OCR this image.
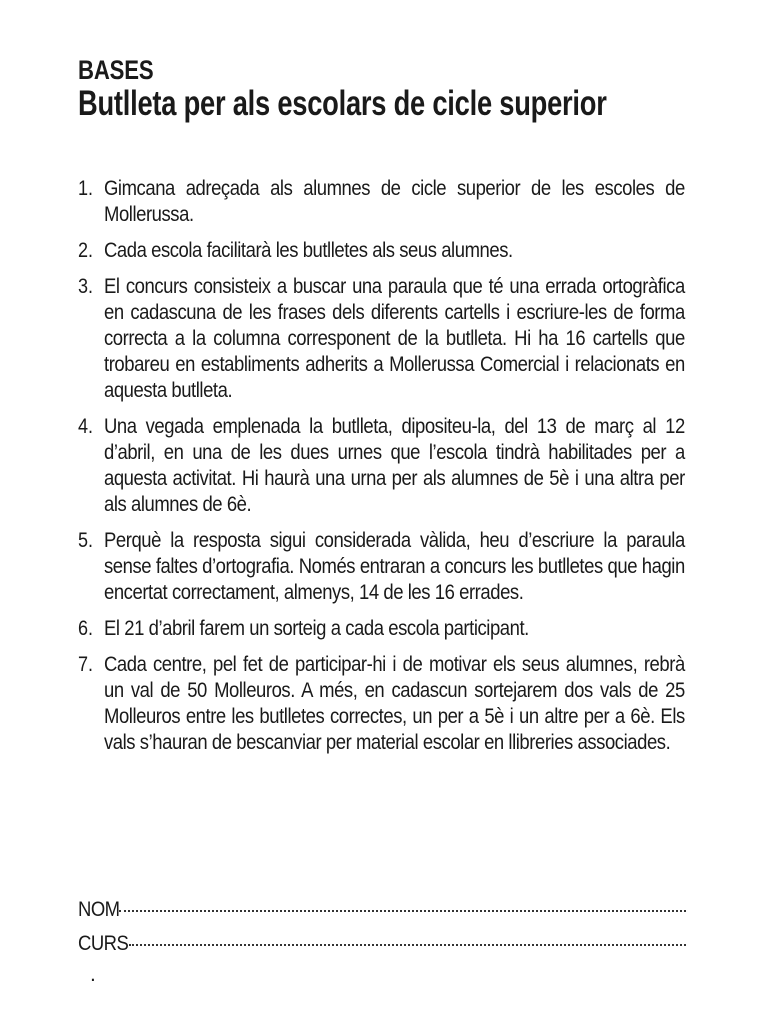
BASES
Butlleta per als escolars de cicle superior
1. Gimcana adreçada als alumnes de cicle superior de les escoles de Mollerussa.
2. Cada escola facilitarà les butlletes als seus alumnes.
3. El concurs consisteix a buscar una paraula que té una errada ortogràfica en cadascuna de les frases dels diferents cartells i escriure-les de forma correcta a la columna corresponent de la butlleta. Hi ha 16 cartells que trobareu en establiments adherits a Mollerussa Comercial i relacionats en aquesta butlleta.
4. Una vegada emplenada la butlleta, dipositeu-la, del 13 de març al 12 d’abril, en una de les dues urnes que l’escola tindrà habilitades per a aquesta activitat. Hi haurà una urna per als alumnes de 5è i una altra per als alumnes de 6è.
5. Perquè la resposta sigui considerada vàlida, heu d’escriure la paraula sense faltes d’ortografia. Només entraran a concurs les butlletes que hagin encertat correctament, almenys, 14 de les 16 errades.
6. El 21 d’abril farem un sorteig a cada escola participant.
7. Cada centre, pel fet de participar-hi i de motivar els seus alumnes, rebrà un val de 50 Molleuros. A més, en cadascun sortejarem dos vals de 25 Molleuros entre les butlletes correctes, un per a 5è i un altre per a 6è. Els vals s’hauran de bescanviar per material escolar en llibreries associades.
NOM
CURS
.
